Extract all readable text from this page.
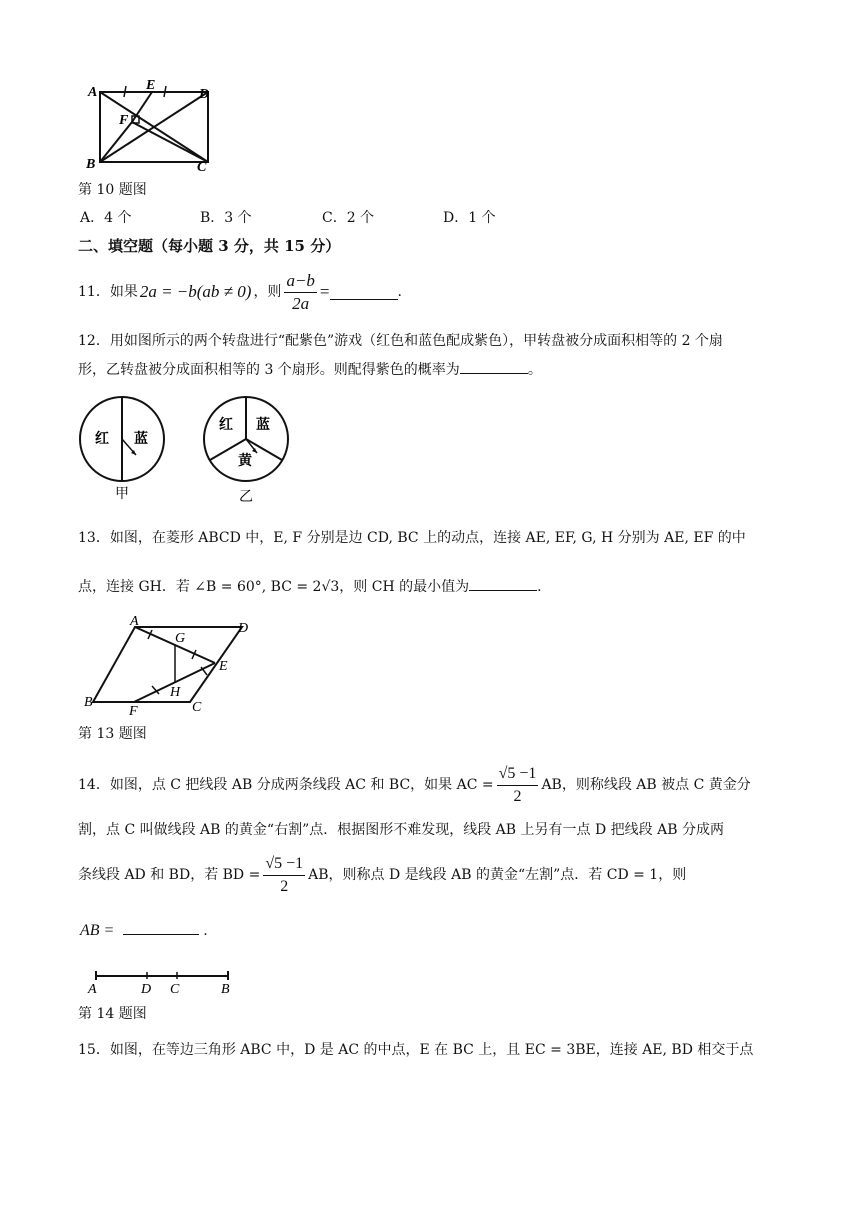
A
B	C
D
E
F
第 10 题图
A．4 个	B．3 个	C．2 个	D．1 个
二、填空题（每小题 3 分，共 15 分）
11． 如果 2a = −b(ab ≠ 0) ，则 $\frac{a-b}{2a}$ =	.
12．用如图所示的两个转盘进行“配紫色”游戏（红色和蓝色配成紫色），甲转盘被分成面积相等的 2 个扇
形，乙转盘被分成面积相等的 3 个扇形。则配得紫色的概率为	。
红 蓝
甲
红 蓝
黄
乙
13．如图，在菱形 ABCD 中，E, F 分别是边 CD, BC 上的动点，连接 AE, EF, G, H 分别为 AE, EF 的中
点，连接 GH．若 ∠B = 60°, BC = 2√3，则 CH 的最小值为	.
A
B	C
D
E
F
G
H
第 13 题图
14．如图，点 C 把线段 AB 分成两条线段 AC 和 BC，如果 AC = $\frac{√5 -1}{2}$ AB，则称线段 AB 被点 C 黄金分
割，点 C 叫做线段 AB 的黄金“右割”点．根据图形不难发现，线段 AB 上另有一点 D 把线段 AB 分成两
条线段 AD 和 BD，若 BD = $\frac{√5 -1}{2}$ AB，则称点 D 是线段 AB 的黄金“左割”点．若 CD = 1，则
AB =	.
A	D C	B
第 14 题图
15．如图，在等边三角形 ABC 中，D 是 AC 的中点，E 在 BC 上，且 EC = 3BE，连接 AE, BD 相交于点
